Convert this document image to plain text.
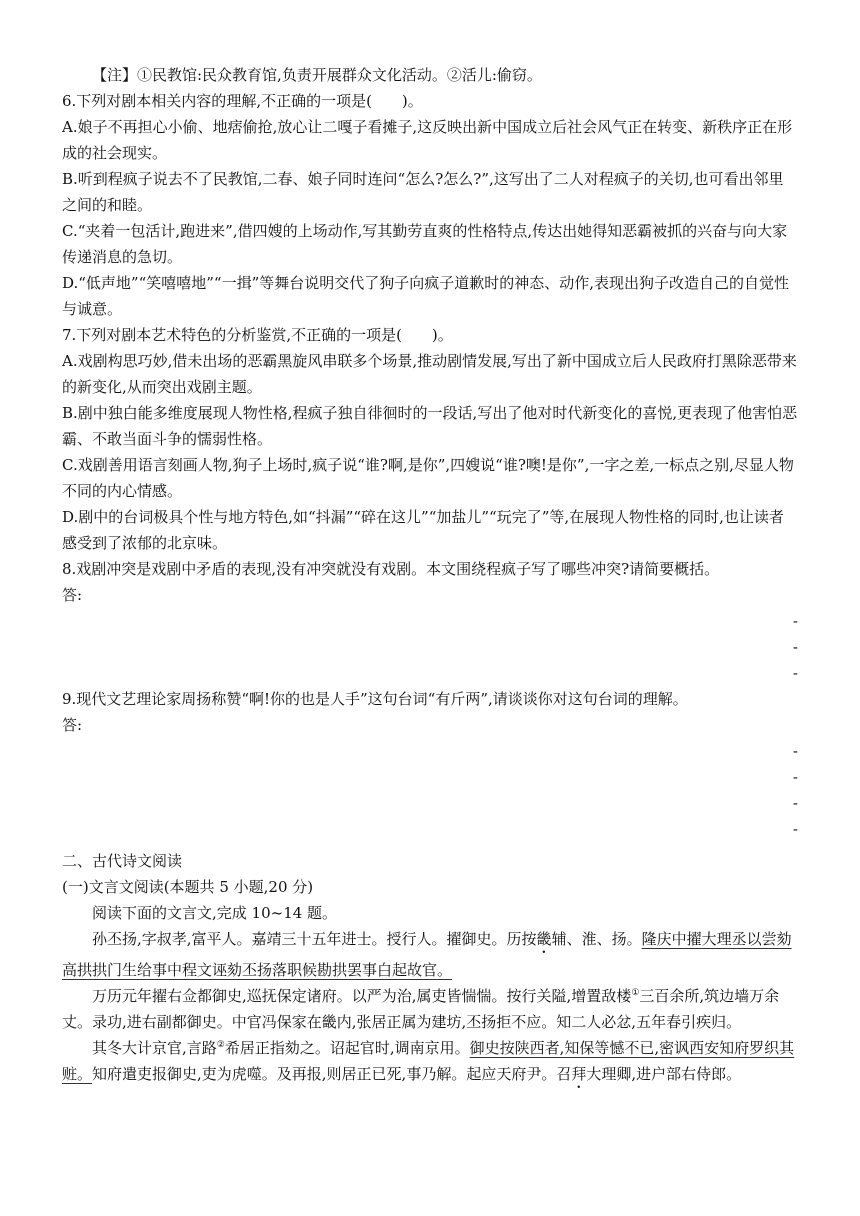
【注】①民教馆:民众教育馆,负责开展群众文化活动。②活儿:偷窃。

6.下列对剧本相关内容的理解,不正确的一项是(　　)。

A.娘子不再担心小偷、地痞偷抢,放心让二嘎子看摊子,这反映出新中国成立后社会风气正在转变、新秩序正在形成的社会现实。

B.听到程疯子说去不了民教馆,二春、娘子同时连问“怎么?怎么?”,这写出了二人对程疯子的关切,也可看出邻里之间的和睦。

C.“夹着一包活计,跑进来”,借四嫂的上场动作,写其勤劳直爽的性格特点,传达出她得知恶霸被抓的兴奋与向大家传递消息的急切。

D.“低声地”“笑嘻嘻地”“一揖”等舞台说明交代了狗子向疯子道歉时的神态、动作,表现出狗子改造自己的自觉性与诚意。

7.下列对剧本艺术特色的分析鉴赏,不正确的一项是(　　)。

A.戏剧构思巧妙,借未出场的恶霸黑旋风串联多个场景,推动剧情发展,写出了新中国成立后人民政府打黑除恶带来的新变化,从而突出戏剧主题。

B.剧中独白能多维度展现人物性格,程疯子独自徘徊时的一段话,写出了他对时代新变化的喜悦,更表现了他害怕恶霸、不敢当面斗争的懦弱性格。

C.戏剧善用语言刻画人物,狗子上场时,疯子说“谁?啊,是你”,四嫂说“谁?噢!是你”,一字之差,一标点之别,尽显人物不同的内心情感。

D.剧中的台词极具个性与地方特色,如“抖漏”“碎在这儿”“加盐儿”“玩完了”等,在展现人物性格的同时,也让读者感受到了浓郁的北京味。

8.戏剧冲突是戏剧中矛盾的表现,没有冲突就没有戏剧。本文围绕程疯子写了哪些冲突?请简要概括。

答:

-
-
-

9.现代文艺理论家周扬称赞“啊!你的也是人手”这句台词“有斤两”,请谈谈你对这句台词的理解。

答:

-
-
-
-

二、古代诗文阅读

(一)文言文阅读(本题共 5 小题,20 分)

阅读下面的文言文,完成 10~14 题。

孙丕扬,字叔孝,富平人。嘉靖三十五年进士。授行人。擢御史。历按畿辅、淮、扬。隆庆中擢大理丞以尝劾高拱拱门生给事中程文诬劾丕扬落职候勘拱罢事白起故官。

万历元年擢右佥都御史,巡抚保定诸府。以严为治,属吏皆惴惴。按行关隘,增置敌楼①三百余所,筑边墙万余丈。录功,进右副都御史。中官冯保家在畿内,张居正属为建坊,丕扬拒不应。知二人必忿,五年春引疾归。

其冬大计京官,言路②希居正指劾之。诏起官时,调南京用。御史按陕西者,知保等憾不已,密讽西安知府罗织其赃。知府遣吏报御史,吏为虎噬。及再报,则居正已死,事乃解。起应天府尹。召拜大理卿,进户部右侍郎。
